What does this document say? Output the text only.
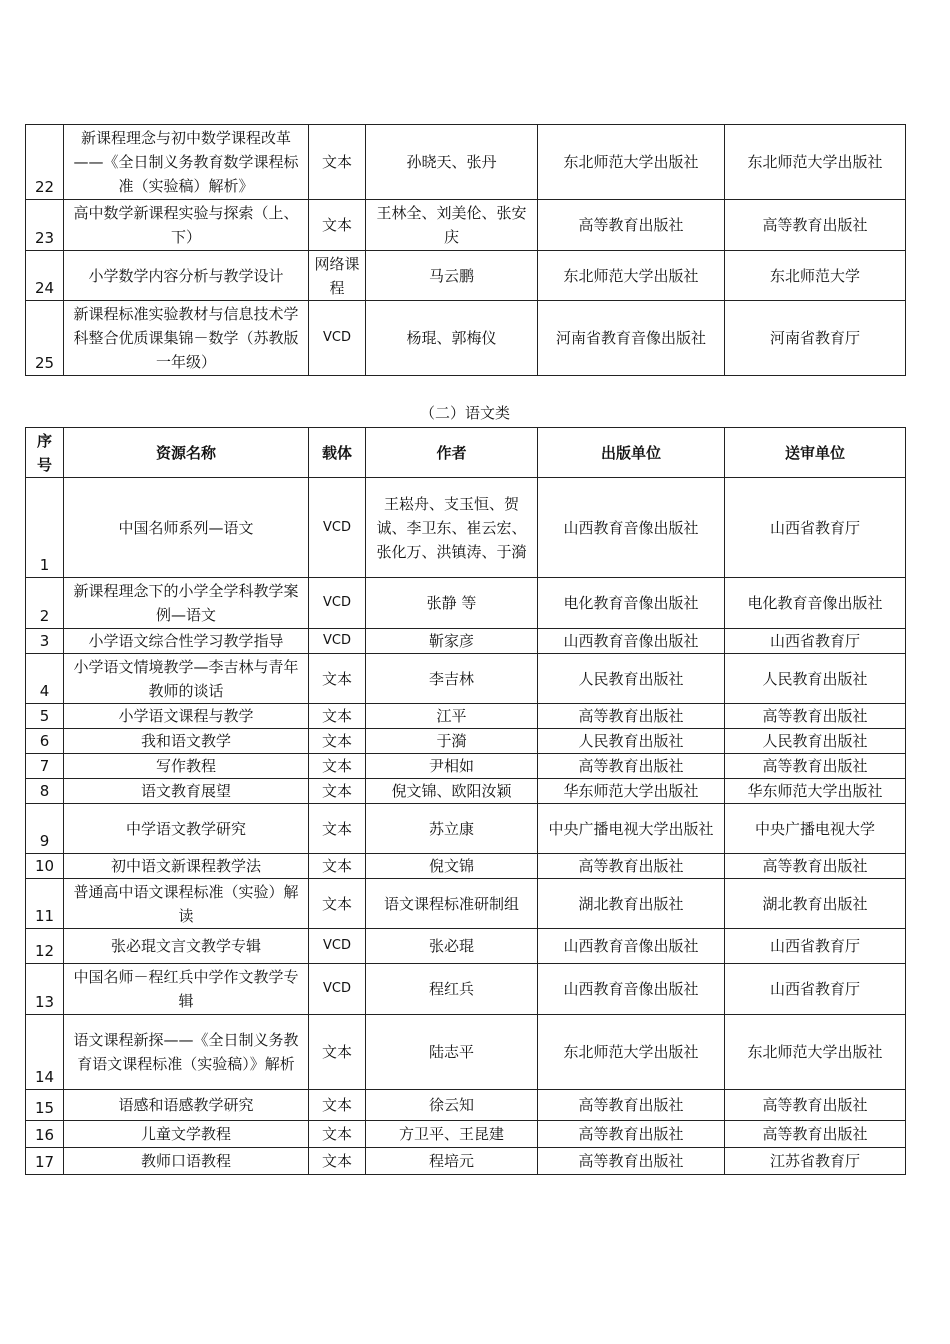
22	新课程理念与初中数学课程改革——《全日制义务教育数学课程标准（实验稿）解析》	文本	孙晓天、张丹	东北师范大学出版社	东北师范大学出版社
23	高中数学新课程实验与探索（上、下）	文本	王林全、刘美伦、张安庆	高等教育出版社	高等教育出版社
24	小学数学内容分析与教学设计	网络课程	马云鹏	东北师范大学出版社	东北师范大学
25	新课程标准实验教材与信息技术学科整合优质课集锦－数学（苏教版一年级）	VCD	杨琨、郭梅仪	河南省教育音像出版社	河南省教育厅
（二）语文类
序号	资源名称	载体	作者	出版单位	送审单位
1	中国名师系列—语文	VCD	王崧舟、支玉恒、贺诚、李卫东、崔云宏、张化万、洪镇涛、于漪	山西教育音像出版社	山西省教育厅
2	新课程理念下的小学全学科教学案例—语文	VCD	张静 等	电化教育音像出版社	电化教育音像出版社
3	小学语文综合性学习教学指导	VCD	靳家彦	山西教育音像出版社	山西省教育厅
4	小学语文情境教学—李吉林与青年教师的谈话	文本	李吉林	人民教育出版社	人民教育出版社
5	小学语文课程与教学	文本	江平	高等教育出版社	高等教育出版社
6	我和语文教学	文本	于漪	人民教育出版社	人民教育出版社
7	写作教程	文本	尹相如	高等教育出版社	高等教育出版社
8	语文教育展望	文本	倪文锦、欧阳汝颖	华东师范大学出版社	华东师范大学出版社
9	中学语文教学研究	文本	苏立康	中央广播电视大学出版社	中央广播电视大学
10	初中语文新课程教学法	文本	倪文锦	高等教育出版社	高等教育出版社
11	普通高中语文课程标准（实验）解读	文本	语文课程标准研制组	湖北教育出版社	湖北教育出版社
12	张必琨文言文教学专辑	VCD	张必琨	山西教育音像出版社	山西省教育厅
13	中国名师－程红兵中学作文教学专辑	VCD	程红兵	山西教育音像出版社	山西省教育厅
14	语文课程新探——《全日制义务教育语文课程标准（实验稿）》解析	文本	陆志平	东北师范大学出版社	东北师范大学出版社
15	语感和语感教学研究	文本	徐云知	高等教育出版社	高等教育出版社
16	儿童文学教程	文本	方卫平、王昆建	高等教育出版社	高等教育出版社
17	教师口语教程	文本	程培元	高等教育出版社	江苏省教育厅
